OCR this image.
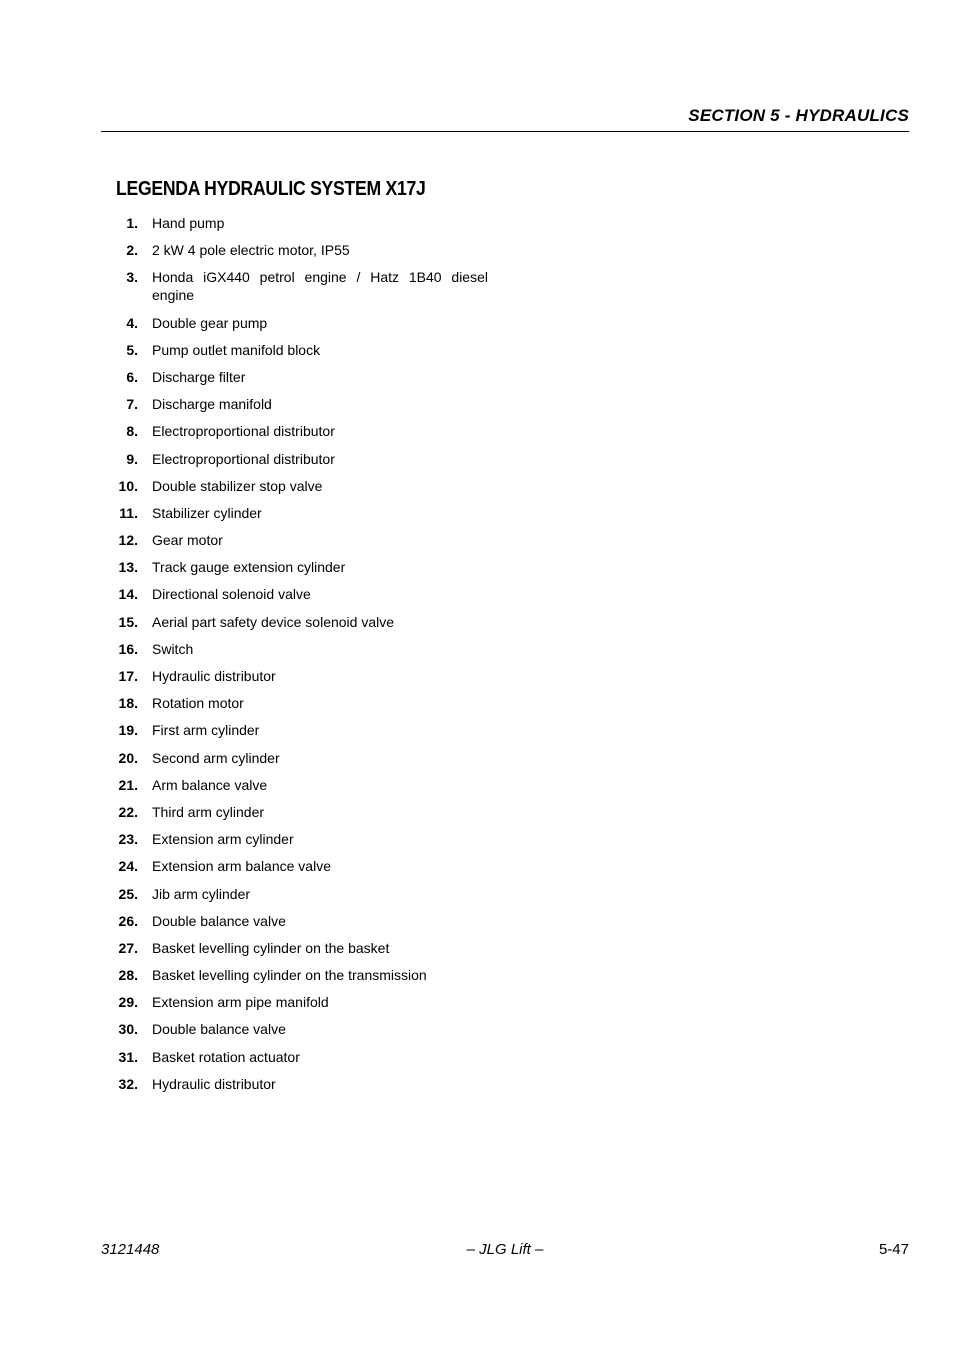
SECTION 5 - HYDRAULICS
LEGENDA HYDRAULIC SYSTEM X17J
1. Hand pump
2. 2 kW 4 pole electric motor, IP55
3. Honda iGX440 petrol engine / Hatz 1B40 diesel engine
4. Double gear pump
5. Pump outlet manifold block
6. Discharge filter
7. Discharge manifold
8. Electroproportional distributor
9. Electroproportional distributor
10. Double stabilizer stop valve
11. Stabilizer cylinder
12. Gear motor
13. Track gauge extension cylinder
14. Directional solenoid valve
15. Aerial part safety device solenoid valve
16. Switch
17. Hydraulic distributor
18. Rotation motor
19. First arm cylinder
20. Second arm cylinder
21. Arm balance valve
22. Third arm cylinder
23. Extension arm cylinder
24. Extension arm balance valve
25. Jib arm cylinder
26. Double balance valve
27. Basket levelling cylinder on the basket
28. Basket levelling cylinder on the transmission
29. Extension arm pipe manifold
30. Double balance valve
31. Basket rotation actuator
32. Hydraulic distributor
3121448	– JLG Lift –	5-47
